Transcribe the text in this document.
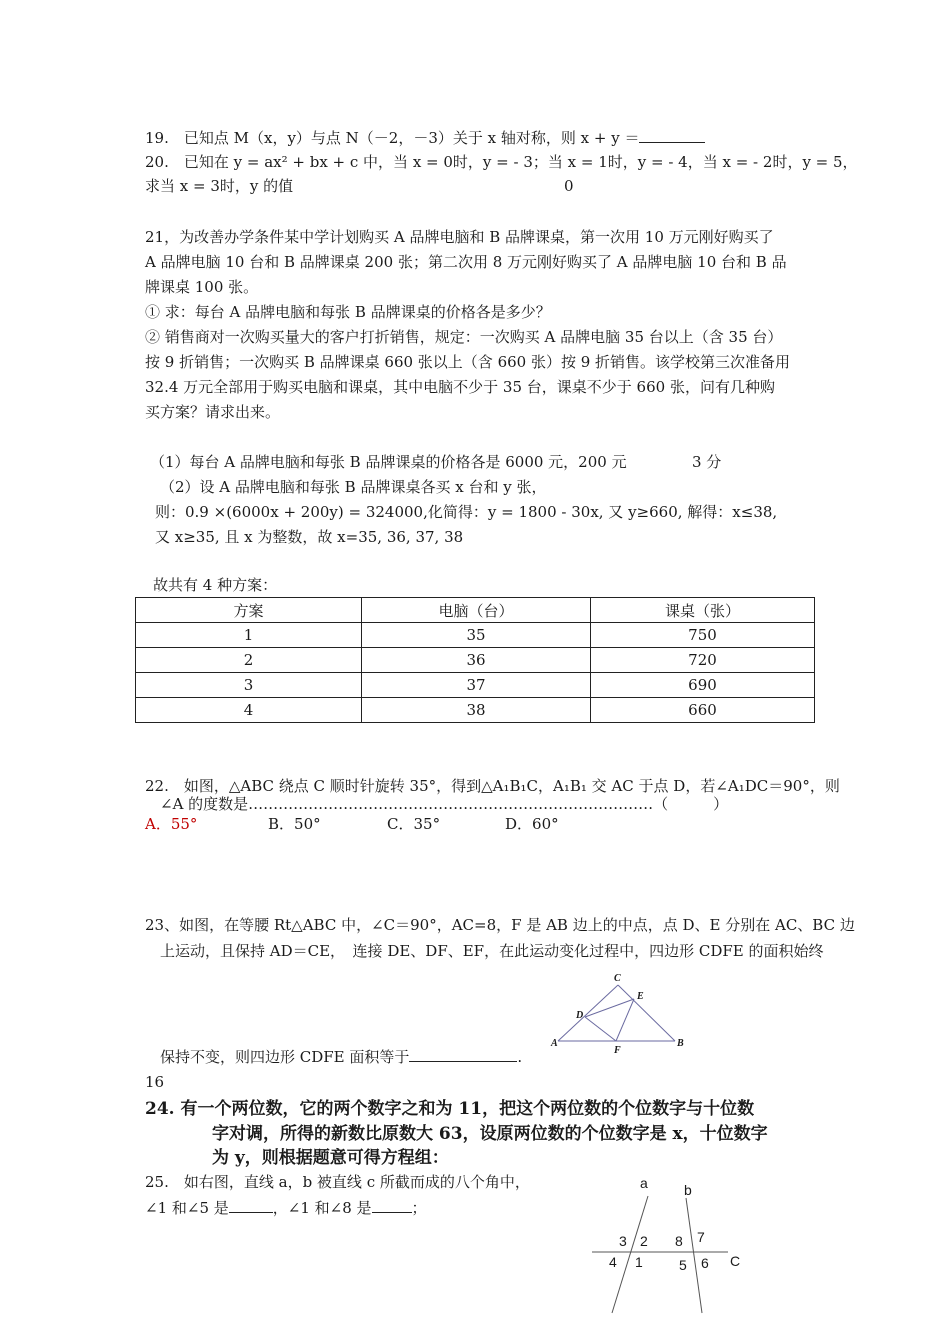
19.　已知点 M（x，y）与点 N（－2，－3）关于 x 轴对称，则 x + y ＝
20.　已知在 y = ax² + bx + c 中，当 x = 0时，y = - 3；当 x = 1时，y = - 4，当 x = - 2时，y = 5，
求当 x = 3时，y 的值	0
21，为改善办学条件某中学计划购买 A 品牌电脑和 B 品牌课桌，第一次用 10 万元刚好购买了
A 品牌电脑 10 台和 B 品牌课桌 200 张；第二次用 8 万元刚好购买了 A 品牌电脑 10 台和 B 品
牌课桌 100 张。
① 求：每台 A 品牌电脑和每张 B 品牌课桌的价格各是多少？
② 销售商对一次购买量大的客户打折销售，规定：一次购买 A 品牌电脑 35 台以上（含 35 台）
按 9 折销售；一次购买 B 品牌课桌 660 张以上（含 660 张）按 9 折销售。该学校第三次准备用
32.4 万元全部用于购买电脑和课桌，其中电脑不少于 35 台，课桌不少于 660 张，问有几种购
买方案？请求出来。
（1）每台 A 品牌电脑和每张 B 品牌课桌的价格各是 6000 元，200 元	3 分
（2）设 A 品牌电脑和每张 B 品牌课桌各买 x 台和 y 张，
则：0.9 ×(6000x + 200y) = 324000,化简得：y = 1800 - 30x, 又 y≥660, 解得：x≤38,
又 x≥35, 且 x 为整数，故 x=35, 36, 37, 38
故共有 4 种方案：
方案	电脑（台）	课桌（张）
1	35	750
2	36	720
3	37	690
4	38	660
22.　如图，△ABC 绕点 C 顺时针旋转 35°，得到△A₁B₁C，A₁B₁ 交 AC 于点 D，若∠A₁DC＝90°，则
∠A 的度数是………………………………………………………………………（　　　）
A．55°	B．50°	C．35°	D．60°
23、如图，在等腰 Rt△ABC 中，∠C＝90°，AC=8，F 是 AB 边上的中点，点 D、E 分别在 AC、BC 边
上运动，且保持 AD＝CE，　连接 DE、DF、EF，在此运动变化过程中，四边形 CDFE 的面积始终
保持不变，则四边形 CDFE 面积等于	.
16
C
E
D
A
F
B
24. 有一个两位数，它的两个数字之和为 11，把这个两位数的个位数字与十位数
字对调，所得的新数比原数大 63，设原两位数的个位数字是 x，十位数字
为 y，则根据题意可得方程组：
25.　如右图，直线 a，b 被直线 c 所截而成的八个角中，
∠1 和∠5 是	，∠1 和∠8 是	；
a	b
C
3 2 8 7
4 1	5 6
